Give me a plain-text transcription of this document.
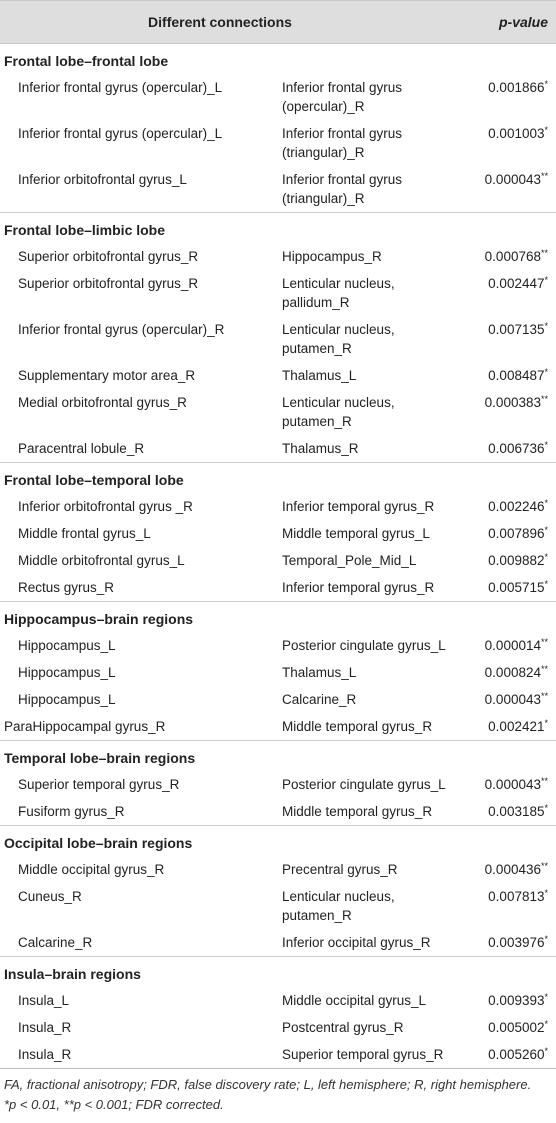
Different connections		p-value
Frontal lobe–frontal lobe		
Inferior frontal gyrus (opercular)_L	Inferior frontal gyrus (opercular)_R	0.001866*
Inferior frontal gyrus (opercular)_L	Inferior frontal gyrus (triangular)_R	0.001003*
Inferior orbitofrontal gyrus_L	Inferior frontal gyrus (triangular)_R	0.000043**
Frontal lobe–limbic lobe		
Superior orbitofrontal gyrus_R	Hippocampus_R	0.000768**
Superior orbitofrontal gyrus_R	Lenticular nucleus, pallidum_R	0.002447*
Inferior frontal gyrus (opercular)_R	Lenticular nucleus, putamen_R	0.007135*
Supplementary motor area_R	Thalamus_L	0.008487*
Medial orbitofrontal gyrus_R	Lenticular nucleus, putamen_R	0.000383**
Paracentral lobule_R	Thalamus_R	0.006736*
Frontal lobe–temporal lobe		
Inferior orbitofrontal gyrus _R	Inferior temporal gyrus_R	0.002246*
Middle frontal gyrus_L	Middle temporal gyrus_L	0.007896*
Middle orbitofrontal gyrus_L	Temporal_Pole_Mid_L	0.009882*
Rectus gyrus_R	Inferior temporal gyrus_R	0.005715*
Hippocampus–brain regions		
Hippocampus_L	Posterior cingulate gyrus_L	0.000014**
Hippocampus_L	Thalamus_L	0.000824**
Hippocampus_L	Calcarine_R	0.000043**
ParaHippocampal gyrus_R	Middle temporal gyrus_R	0.002421*
Temporal lobe–brain regions		
Superior temporal gyrus_R	Posterior cingulate gyrus_L	0.000043**
Fusiform gyrus_R	Middle temporal gyrus_R	0.003185*
Occipital lobe–brain regions		
Middle occipital gyrus_R	Precentral gyrus_R	0.000436**
Cuneus_R	Lenticular nucleus, putamen_R	0.007813*
Calcarine_R	Inferior occipital gyrus_R	0.003976*
Insula–brain regions		
Insula_L	Middle occipital gyrus_L	0.009393*
Insula_R	Postcentral gyrus_R	0.005002*
Insula_R	Superior temporal gyrus_R	0.005260*
FA, fractional anisotropy; FDR, false discovery rate; L, left hemisphere; R, right hemisphere.
*p < 0.01, **p < 0.001; FDR corrected.
